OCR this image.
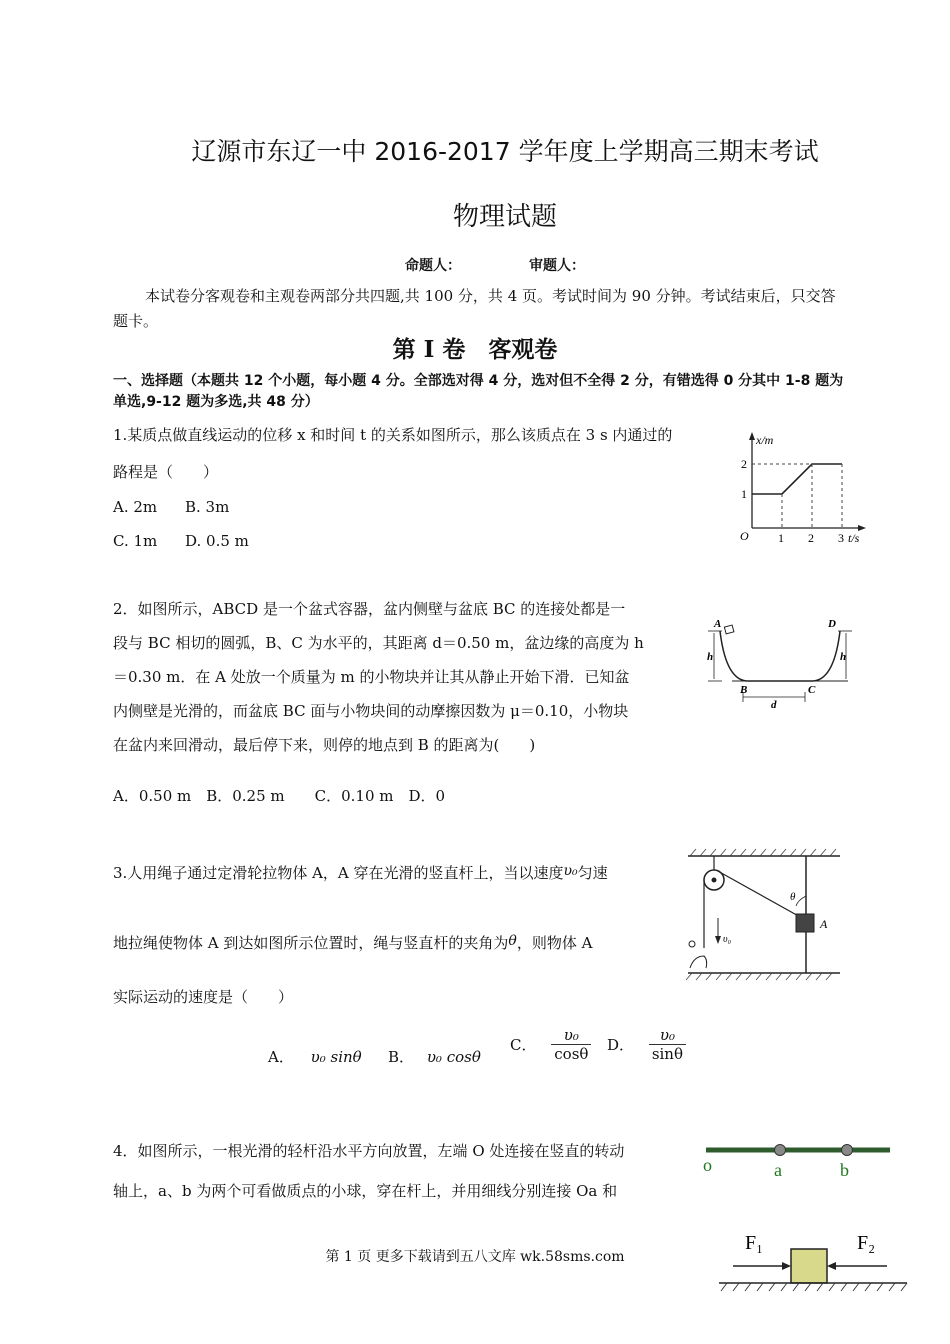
辽源市东辽一中 2016-2017 学年度上学期高三期末考试
物理试题
命题人：	审题人：
本试卷分客观卷和主观卷两部分共四题,共 100 分，共 4 页。考试时间为 90 分钟。考试结束后，只交答题卡。
第 I 卷　客观卷
一、选择题（本题共 12 个小题，每小题 4 分。全部选对得 4 分，选对但不全得 2 分，有错选得 0 分其中 1-8 题为单选,9-12 题为多选,共 48 分）
1.某质点做直线运动的位移 x 和时间 t 的关系如图所示，那么该质点在 3 s 内通过的
路程是（　　）
A. 2m B. 3m
C. 1m D. 0.5 m
x/m
t/s
O 1 2 3
1
2
2．如图所示，ABCD 是一个盆式容器，盆内侧壁与盆底 BC 的连接处都是一
段与 BC 相切的圆弧，B、C 为水平的，其距离 d＝0.50 m，盆边缘的高度为 h
＝0.30 m．在 A 处放一个质量为 m 的小物块并让其从静止开始下滑．已知盆
内侧壁是光滑的，而盆底 BC 面与小物块间的动摩擦因数为 μ＝0.10，小物块
在盆内来回滑动，最后停下来，则停的地点到 B 的距离为(　　)
A．0.50 m　B．0.25 m　　C．0.10 m　D．0
A	D
B	C
h	h
d
3.人用绳子通过定滑轮拉物体 A，A 穿在光滑的竖直杆上，当以速度υ₀匀速
地拉绳使物体 A 到达如图所示位置时，绳与竖直杆的夹角为θ，则物体 A
实际运动的速度是（　　）
A． υ₀ sinθ B． υ₀ cosθ
C． $\frac{\text{υ₀}}{\cos\theta}$ D． $\frac{\text{υ₀}}{\sin\theta}$
θ
A
υ₀
4．如图所示，一根光滑的轻杆沿水平方向放置，左端 O 处连接在竖直的转动
轴上，a、b 为两个可看做质点的小球，穿在杆上，并用细线分别连接 Oa 和
o	a	b
F₁	F₂
第 1 页 更多下载请到五八文库 wk.58sms.com
